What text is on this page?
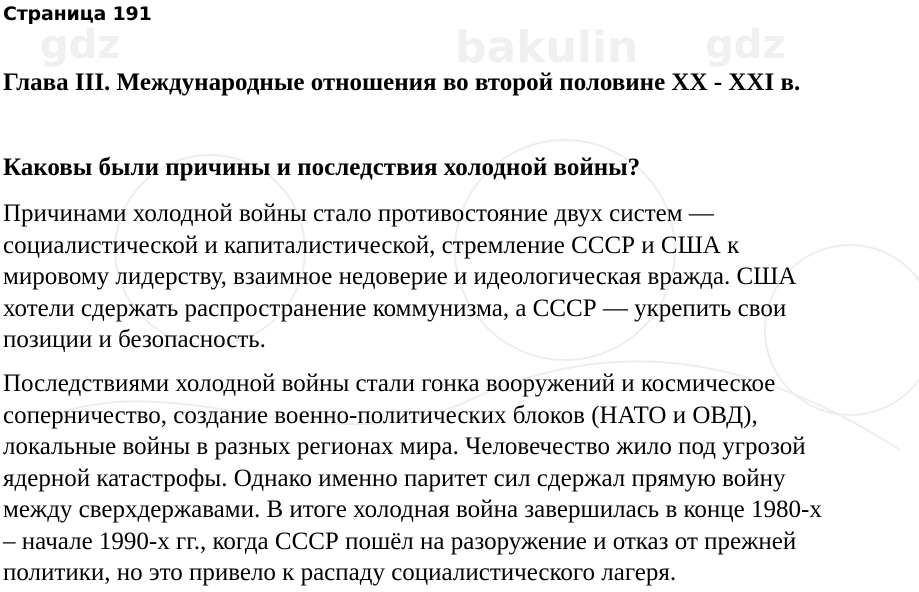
gdz	bakulin gdz
Страница 191
Глава III. Международные отношения во второй половине XX - XXI в.
Каковы были причины и последствия холодной войны?

Причинами холодной войны стало противостояние двух систем —
социалистической и капиталистической, стремление СССР и США к
мировому лидерству, взаимное недоверие и идеологическая вражда. США
хотели сдержать распространение коммунизма, а СССР — укрепить свои
позиции и безопасность.

Последствиями холодной войны стали гонка вооружений и космическое
соперничество, создание военно-политических блоков (НАТО и ОВД),
локальные войны в разных регионах мира. Человечество жило под угрозой
ядерной катастрофы. Однако именно паритет сил сдержал прямую войну
между сверхдержавами. В итоге холодная война завершилась в конце 1980-х
– начале 1990-х гг., когда СССР пошёл на разоружение и отказ от прежней
политики, но это привело к распаду социалистического лагеря.
